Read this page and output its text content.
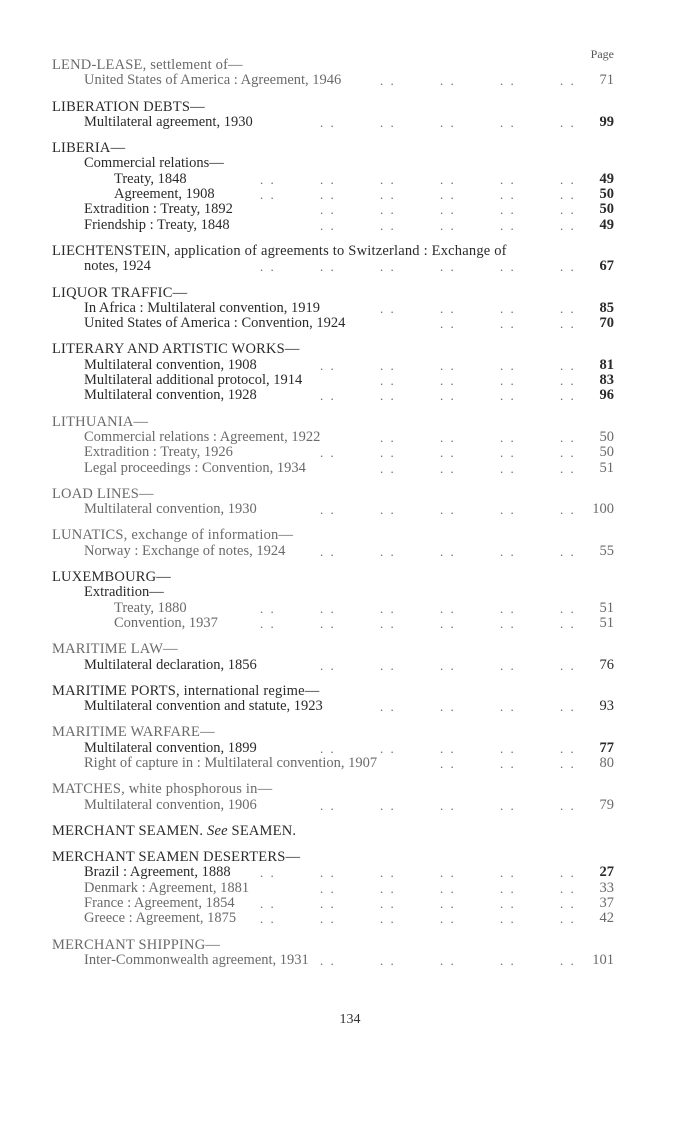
Page
LEND-LEASE, settlement of—
United States of America : Agreement, 1946	. .	. .	. .	. . 71
LIBERATION DEBTS—
Multilateral agreement, 1930	. .	. .	. .	. .	. . 99
LIBERIA—
Commercial relations—
Treaty, 1848	. .	. .	. .	. .	. .	. . 49
Agreement, 1908	. .	. .	. .	. .	. .	. . 50
Extradition : Treaty, 1892	. .	. .	. .	. .	. . 50
Friendship : Treaty, 1848	. .	. .	. .	. .	. . 49
LIECHTENSTEIN, application of agreements to Switzerland : Exchange of
notes, 1924	. .	. .	. .	. .	. .	. . 67
LIQUOR TRAFFIC—
In Africa : Multilateral convention, 1919	. .	. .	. .	. . 85
United States of America : Convention, 1924	. .	. .	. . 70
LITERARY AND ARTISTIC WORKS—
Multilateral convention, 1908	. .	. .	. .	. .	. . 81
Multilateral additional protocol, 1914	. .	. .	. .	. . 83
Multilateral convention, 1928	. .	. .	. .	. .	. . 96
LITHUANIA—
Commercial relations : Agreement, 1922	. .	. .	. .	. . 50
Extradition : Treaty, 1926	. .	. .	. .	. .	. . 50
Legal proceedings : Convention, 1934	. .	. .	. .	. . 51
LOAD LINES—
Multilateral convention, 1930	. .	. .	. .	. .	. . 100
LUNATICS, exchange of information—
Norway : Exchange of notes, 1924	. .	. .	. .	. .	. . 55
LUXEMBOURG—
Extradition—
Treaty, 1880	. .	. .	. .	. .	. .	. . 51
Convention, 1937	. .	. .	. .	. .	. .	. . 51
MARITIME LAW—
Multilateral declaration, 1856	. .	. .	. .	. .	. . 76
MARITIME PORTS, international regime—
Multilateral convention and statute, 1923	. .	. .	. .	. . 93
MARITIME WARFARE—
Multilateral convention, 1899	. .	. .	. .	. .	. . 77
Right of capture in : Multilateral convention, 1907	. .	. .	. . 80
MATCHES, white phosphorous in—
Multilateral convention, 1906	. .	. .	. .	. .	. . 79
MERCHANT SEAMEN. See SEAMEN.
MERCHANT SEAMEN DESERTERS—
Brazil : Agreement, 1888 . .	. .	. .	. .	. .	. . 27
Denmark : Agreement, 1881	. .	. .	. .	. .	. . 33
France : Agreement, 1854 . .	. .	. .	. .	. .	. . 37
Greece : Agreement, 1875 . .	. .	. .	. .	. .	. . 42
MERCHANT SHIPPING—
Inter-Commonwealth agreement, 1931 . .	. .	. .	. .	. . 101
134
